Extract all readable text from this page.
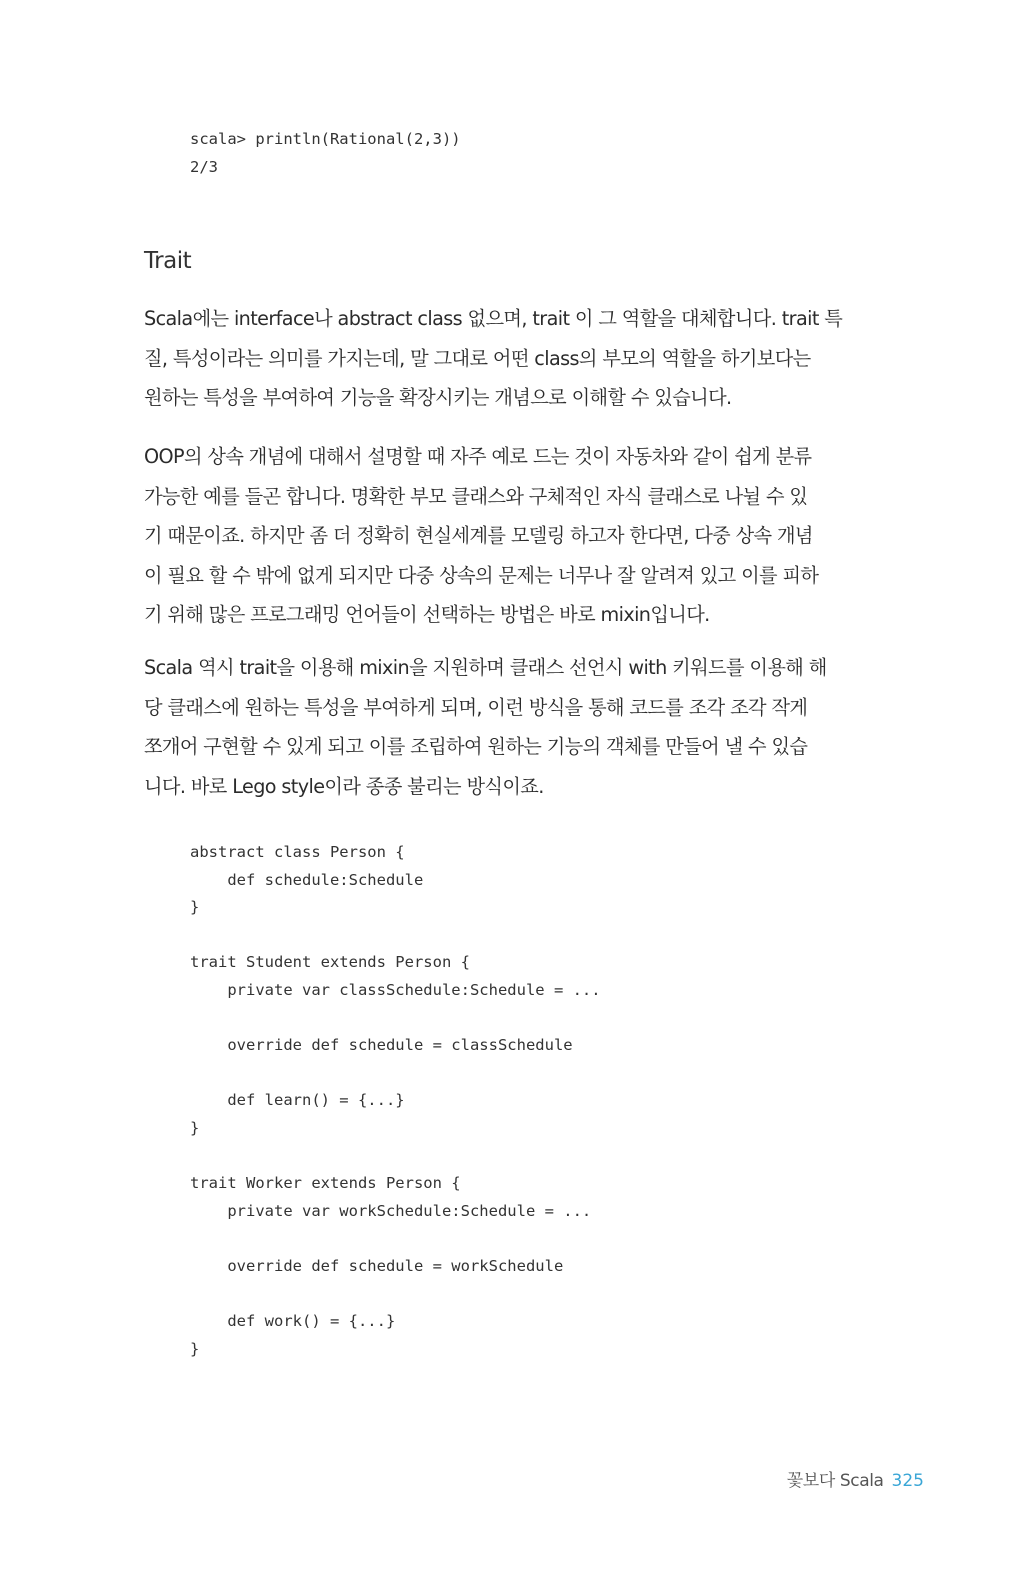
scala> println(Rational(2,3))
2/3
Trait

Scala에는 interface나 abstract class 없으며, trait 이 그 역할을 대체합니다. trait 특
질, 특성이라는 의미를 가지는데, 말 그대로 어떤 class의 부모의 역할을 하기보다는
원하는 특성을 부여하여 기능을 확장시키는 개념으로 이해할 수 있습니다.

OOP의 상속 개념에 대해서 설명할 때 자주 예로 드는 것이 자동차와 같이 쉽게 분류
가능한 예를 들곤 합니다. 명확한 부모 클래스와 구체적인 자식 클래스로 나뉠 수 있
기 때문이죠. 하지만 좀 더 정확히 현실세계를 모델링 하고자 한다면, 다중 상속 개념
이 필요 할 수 밖에 없게 되지만 다중 상속의 문제는 너무나 잘 알려져 있고 이를 피하
기 위해 많은 프로그래밍 언어들이 선택하는 방법은 바로 mixin입니다.

Scala 역시 trait을 이용해 mixin을 지원하며 클래스 선언시 with 키워드를 이용해 해
당 클래스에 원하는 특성을 부여하게 되며, 이런 방식을 통해 코드를 조각 조각 작게
쪼개어 구현할 수 있게 되고 이를 조립하여 원하는 기능의 객체를 만들어 낼 수 있습
니다. 바로 Lego style이라 종종 불리는 방식이죠.

abstract class Person {
def schedule:Schedule
}
trait Student extends Person {
private var classSchedule:Schedule = ...
override def schedule = classSchedule
def learn() = {...}
}
trait Worker extends Person {
private var workSchedule:Schedule = ...
override def schedule = workSchedule
def work() = {...}
}
꽃보다 Scala 325
